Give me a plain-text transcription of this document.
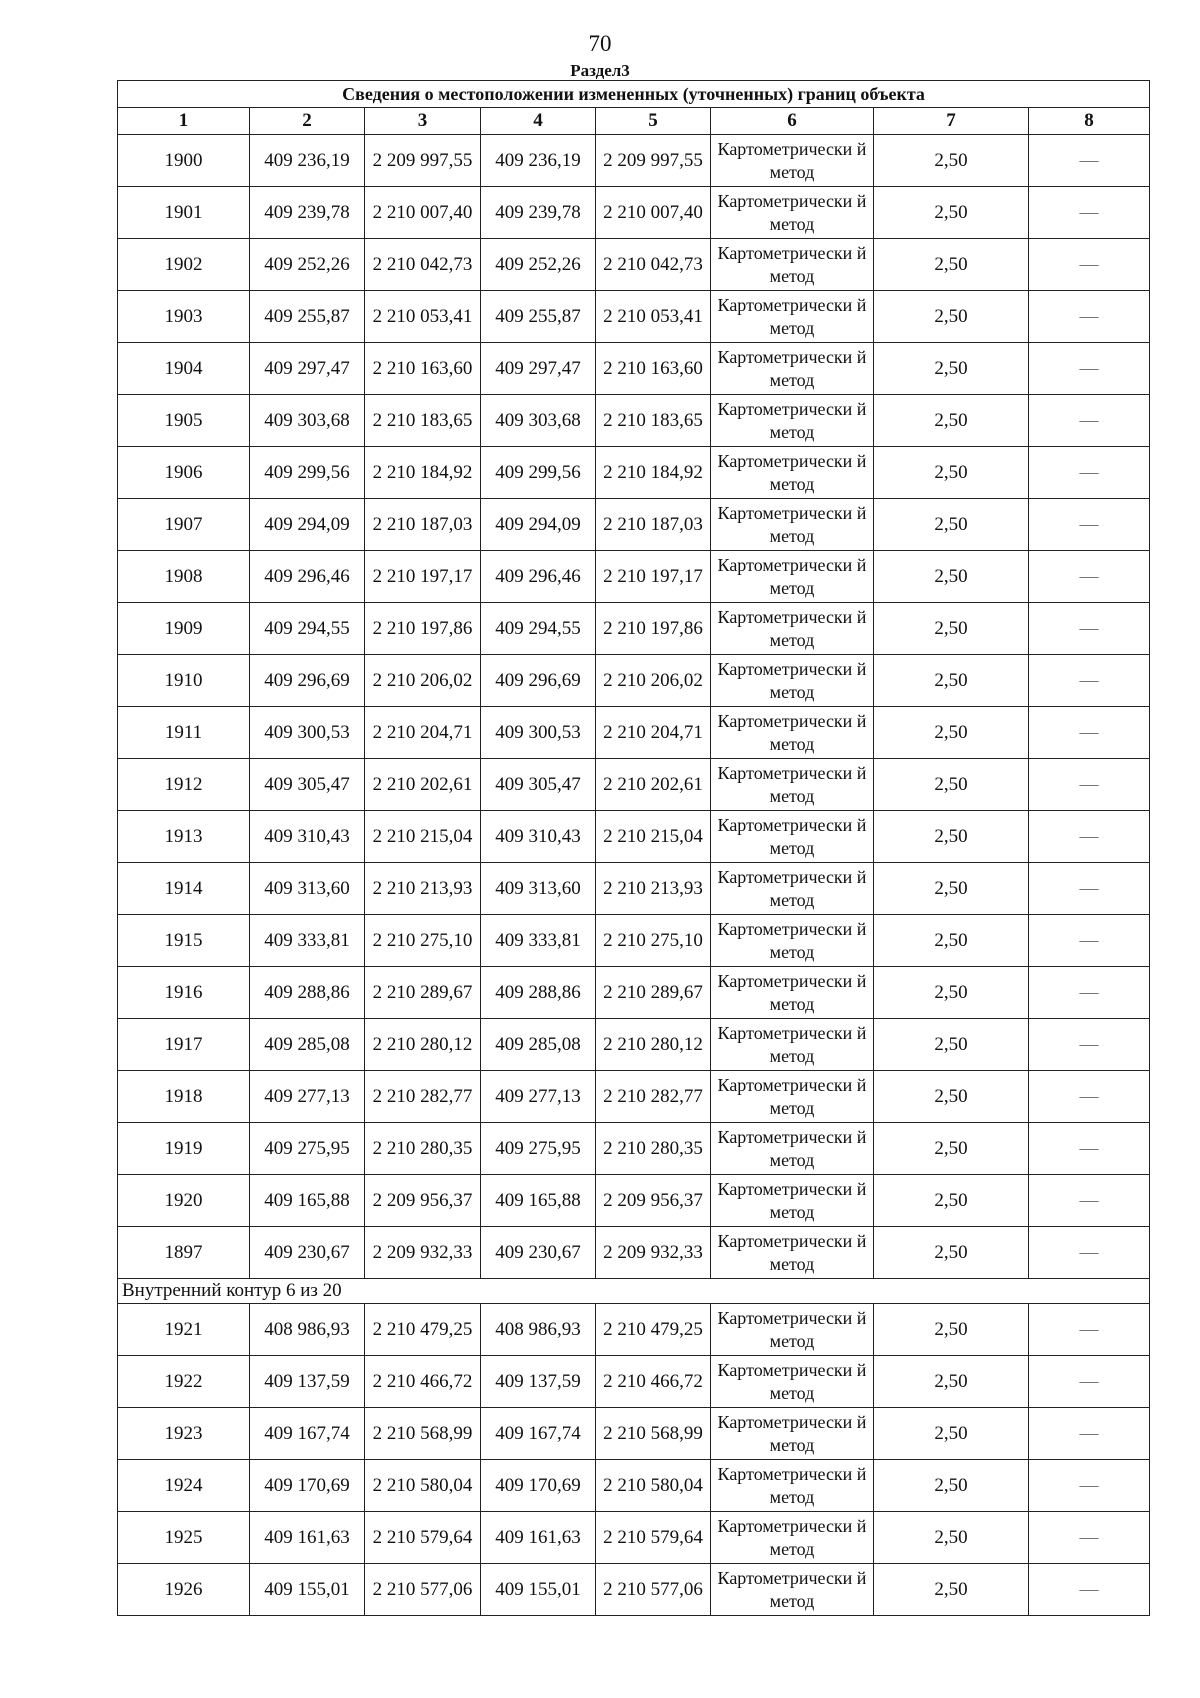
70
Раздел3
Сведения о местоположении измененных (уточненных) границ объекта							
1	2	3	4	5	6	7	8
1900	409 236,19	2 209 997,55	409 236,19	2 209 997,55	Картометрически й метод	2,50	—
1901	409 239,78	2 210 007,40	409 239,78	2 210 007,40	Картометрически й метод	2,50	—
1902	409 252,26	2 210 042,73	409 252,26	2 210 042,73	Картометрически й метод	2,50	—
1903	409 255,87	2 210 053,41	409 255,87	2 210 053,41	Картометрически й метод	2,50	—
1904	409 297,47	2 210 163,60	409 297,47	2 210 163,60	Картометрически й метод	2,50	—
1905	409 303,68	2 210 183,65	409 303,68	2 210 183,65	Картометрически й метод	2,50	—
1906	409 299,56	2 210 184,92	409 299,56	2 210 184,92	Картометрически й метод	2,50	—
1907	409 294,09	2 210 187,03	409 294,09	2 210 187,03	Картометрически й метод	2,50	—
1908	409 296,46	2 210 197,17	409 296,46	2 210 197,17	Картометрически й метод	2,50	—
1909	409 294,55	2 210 197,86	409 294,55	2 210 197,86	Картометрически й метод	2,50	—
1910	409 296,69	2 210 206,02	409 296,69	2 210 206,02	Картометрически й метод	2,50	—
1911	409 300,53	2 210 204,71	409 300,53	2 210 204,71	Картометрически й метод	2,50	—
1912	409 305,47	2 210 202,61	409 305,47	2 210 202,61	Картометрически й метод	2,50	—
1913	409 310,43	2 210 215,04	409 310,43	2 210 215,04	Картометрически й метод	2,50	—
1914	409 313,60	2 210 213,93	409 313,60	2 210 213,93	Картометрически й метод	2,50	—
1915	409 333,81	2 210 275,10	409 333,81	2 210 275,10	Картометрически й метод	2,50	—
1916	409 288,86	2 210 289,67	409 288,86	2 210 289,67	Картометрически й метод	2,50	—
1917	409 285,08	2 210 280,12	409 285,08	2 210 280,12	Картометрически й метод	2,50	—
1918	409 277,13	2 210 282,77	409 277,13	2 210 282,77	Картометрически й метод	2,50	—
1919	409 275,95	2 210 280,35	409 275,95	2 210 280,35	Картометрически й метод	2,50	—
1920	409 165,88	2 209 956,37	409 165,88	2 209 956,37	Картометрически й метод	2,50	—
1897	409 230,67	2 209 932,33	409 230,67	2 209 932,33	Картометрически й метод	2,50	—
Внутренний контур 6 из 20							
1921	408 986,93	2 210 479,25	408 986,93	2 210 479,25	Картометрически й метод	2,50	—
1922	409 137,59	2 210 466,72	409 137,59	2 210 466,72	Картометрически й метод	2,50	—
1923	409 167,74	2 210 568,99	409 167,74	2 210 568,99	Картометрически й метод	2,50	—
1924	409 170,69	2 210 580,04	409 170,69	2 210 580,04	Картометрически й метод	2,50	—
1925	409 161,63	2 210 579,64	409 161,63	2 210 579,64	Картометрически й метод	2,50	—
1926	409 155,01	2 210 577,06	409 155,01	2 210 577,06	Картометрически й метод	2,50	—
